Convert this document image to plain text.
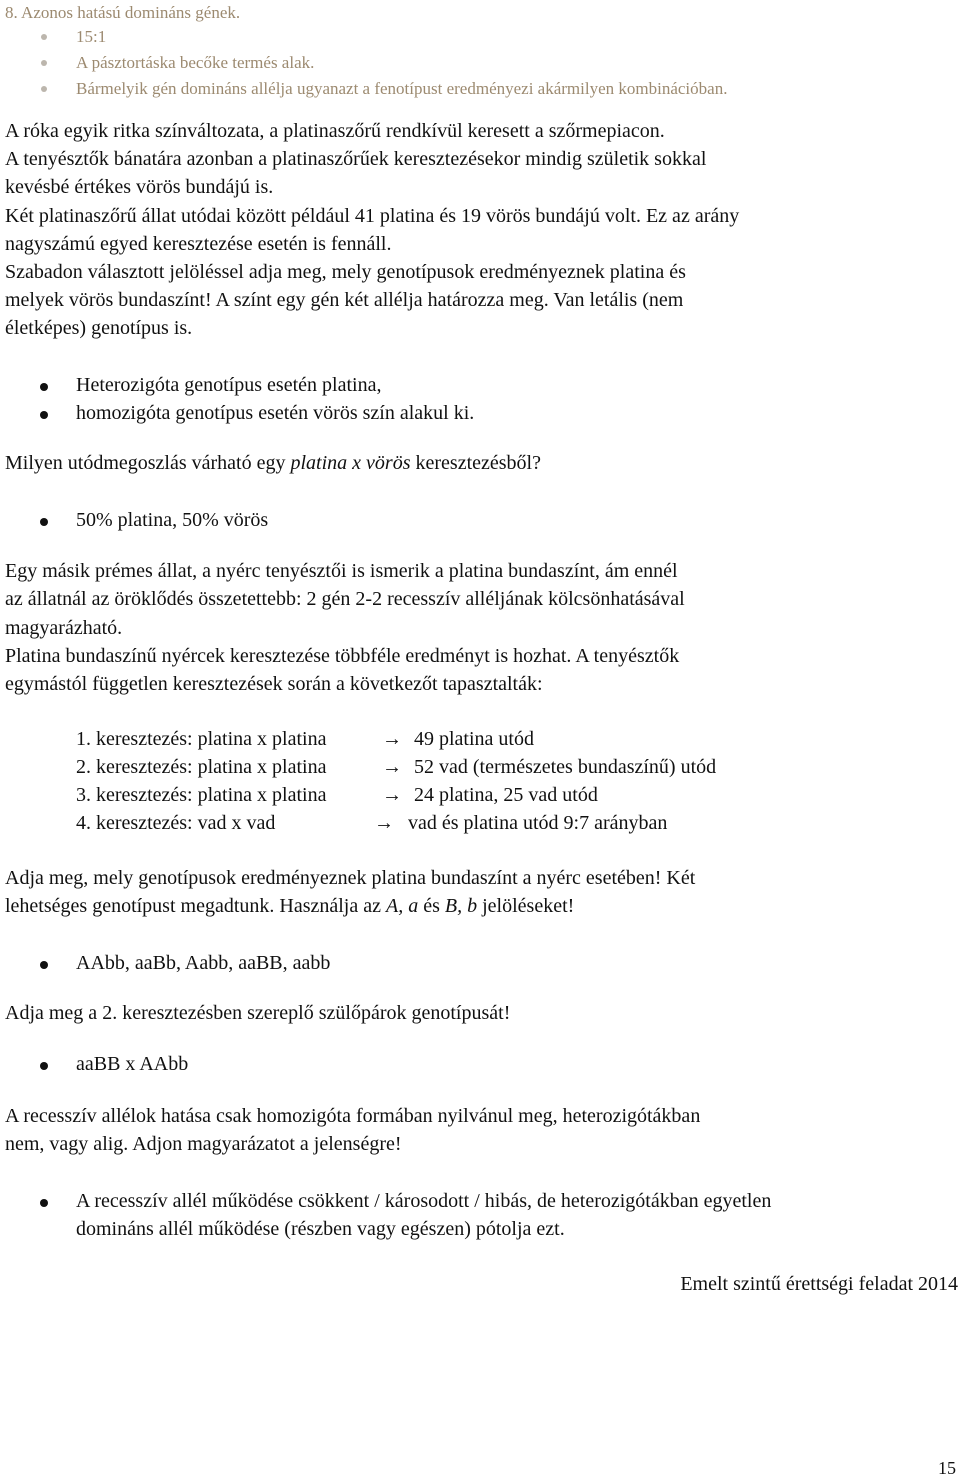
8. Azonos hatású domináns gének.
15:1
A pásztortáska becőke termés alak.
Bármelyik gén domináns allélja ugyanazt a fenotípust eredményezi akármilyen kombinációban.
A róka egyik ritka színváltozata, a platinaszőrű rendkívül keresett a szőrmepiacon.
A tenyésztők bánatára azonban a platinaszőrűek keresztezésekor mindig születik sokkal
kevésbé értékes vörös bundájú is.
Két platinaszőrű állat utódai között például 41 platina és 19 vörös bundájú volt. Ez az arány
nagyszámú egyed keresztezése esetén is fennáll.
Szabadon választott jelöléssel adja meg, mely genotípusok eredményeznek platina és
melyek vörös bundaszínt! A színt egy gén két allélja határozza meg. Van letális (nem
életképes) genotípus is.
Heterozigóta genotípus esetén platina,
homozigóta genotípus esetén vörös szín alakul ki.
Milyen utódmegoszlás várható egy platina x vörös keresztezésből?
50% platina, 50% vörös
Egy másik prémes állat, a nyérc tenyésztői is ismerik a platina bundaszínt, ám ennél
az állatnál az öröklődés összetettebb: 2 gén 2-2 recesszív alléljának kölcsönhatásával
magyarázható.
Platina bundaszínű nyércek keresztezése többféle eredményt is hozhat. A tenyésztők
egymástól független keresztezések során a következőt tapasztalták:
1. keresztezés: platina x platina	→ 49 platina utód
2. keresztezés: platina x platina	→ 52 vad (természetes bundaszínű) utód
3. keresztezés: platina x platina	→ 24 platina, 25 vad utód
4. keresztezés: vad x vad	→ vad és platina utód 9:7 arányban
Adja meg, mely genotípusok eredményeznek platina bundaszínt a nyérc esetében! Két
lehetséges genotípust megadtunk. Használja az A, a és B, b jelöléseket!
AAbb, aaBb, Aabb, aaBB, aabb
Adja meg a 2. keresztezésben szereplő szülőpárok genotípusát!
aaBB x AAbb
A recesszív allélok hatása csak homozigóta formában nyilvánul meg, heterozigótákban
nem, vagy alig. Adjon magyarázatot a jelenségre!
A recesszív allél működése csökkent / károsodott / hibás, de heterozigótákban egyetlen
domináns allél működése (részben vagy egészen) pótolja ezt.
Emelt szintű érettségi feladat 2014
15
